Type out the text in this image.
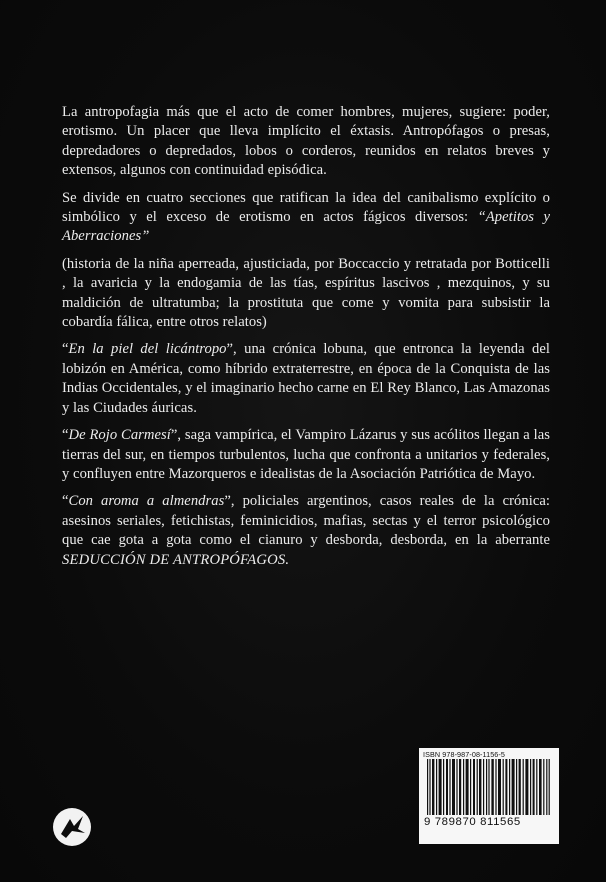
La antropofagia más que el acto de comer hombres, mujeres, sugiere: poder, erotismo. Un placer que lleva implícito el éxtasis. Antropófagos o presas, depredadores o depredados, lobos o corderos, reunidos en relatos breves y extensos, algunos con continuidad episódica.

Se divide en cuatro secciones que ratifican la idea del canibalismo explícito o simbólico y el exceso de erotismo en actos fágicos diversos: “Apetitos y Aberraciones”

(historia de la niña aperreada, ajusticiada, por Boccaccio y retratada por Botticelli , la avaricia y la endogamia de las tías, espíritus lascivos , mezquinos, y su maldición de ultratumba; la prostituta que come y vomita para subsistir la cobardía fálica, entre otros relatos)

“En la piel del licántropo”, una crónica lobuna, que entronca la leyenda del lobizón en América, como híbrido extraterrestre, en época de la Conquista de las Indias Occidentales, y el imaginario hecho carne en El Rey Blanco, Las Amazonas y las Ciudades áuricas.

“De Rojo Carmesí”, saga vampírica, el Vampiro Lázarus y sus acólitos llegan a las tierras del sur, en tiempos turbulentos, lucha que confronta a unitarios y federales, y confluyen entre Mazorqueros e idealistas de la Asociación Patriótica de Mayo.

“Con aroma a almendras”, policiales argentinos, casos reales de la crónica: asesinos seriales, fetichistas, feminicidios, mafias, sectas y el terror psicológico que cae gota a gota como el cianuro y desborda, desborda, en la aberrante SEDUCCIÓN DE ANTROPÓFAGOS.

ISBN 978-987-08-1156-5
9 789870 811565
